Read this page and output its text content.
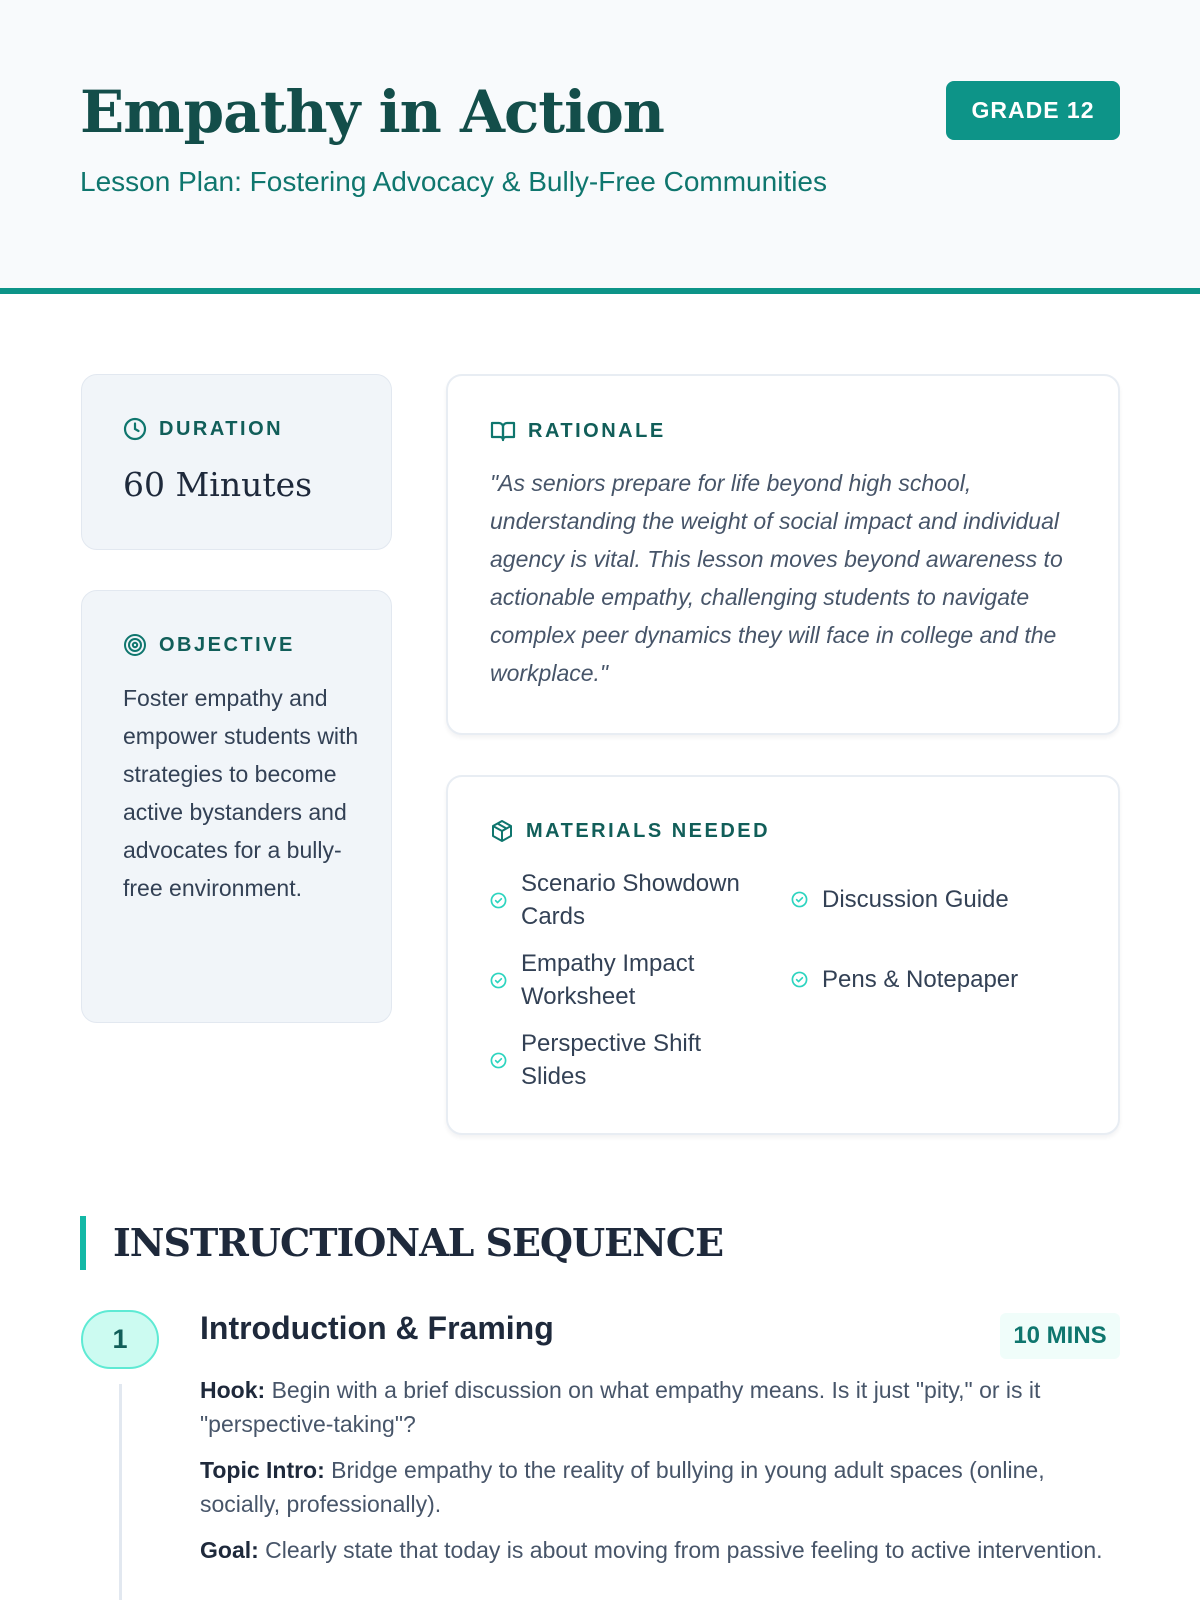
Empathy in Action
Lesson Plan: Fostering Advocacy & Bully-Free Communities
GRADE 12
DURATION
60 Minutes
OBJECTIVE
Foster empathy and empower students with strategies to become active bystanders and advocates for a bully-free environment.
RATIONALE

"As seniors prepare for life beyond high school, understanding the weight of social impact and individual agency is vital. This lesson moves beyond awareness to actionable empathy, challenging students to navigate complex peer dynamics they will face in college and the workplace."

MATERIALS NEEDED
Scenario Showdown Cards
Discussion Guide
Empathy Impact Worksheet
Pens & Notepaper
Perspective Shift Slides
INSTRUCTIONAL SEQUENCE
1	Introduction & Framing	10 MINS

Hook: Begin with a brief discussion on what empathy means. Is it just "pity," or is it "perspective-taking"?

Topic Intro: Bridge empathy to the reality of bullying in young adult spaces (online, socially, professionally).

Goal: Clearly state that today is about moving from passive feeling to active intervention.
